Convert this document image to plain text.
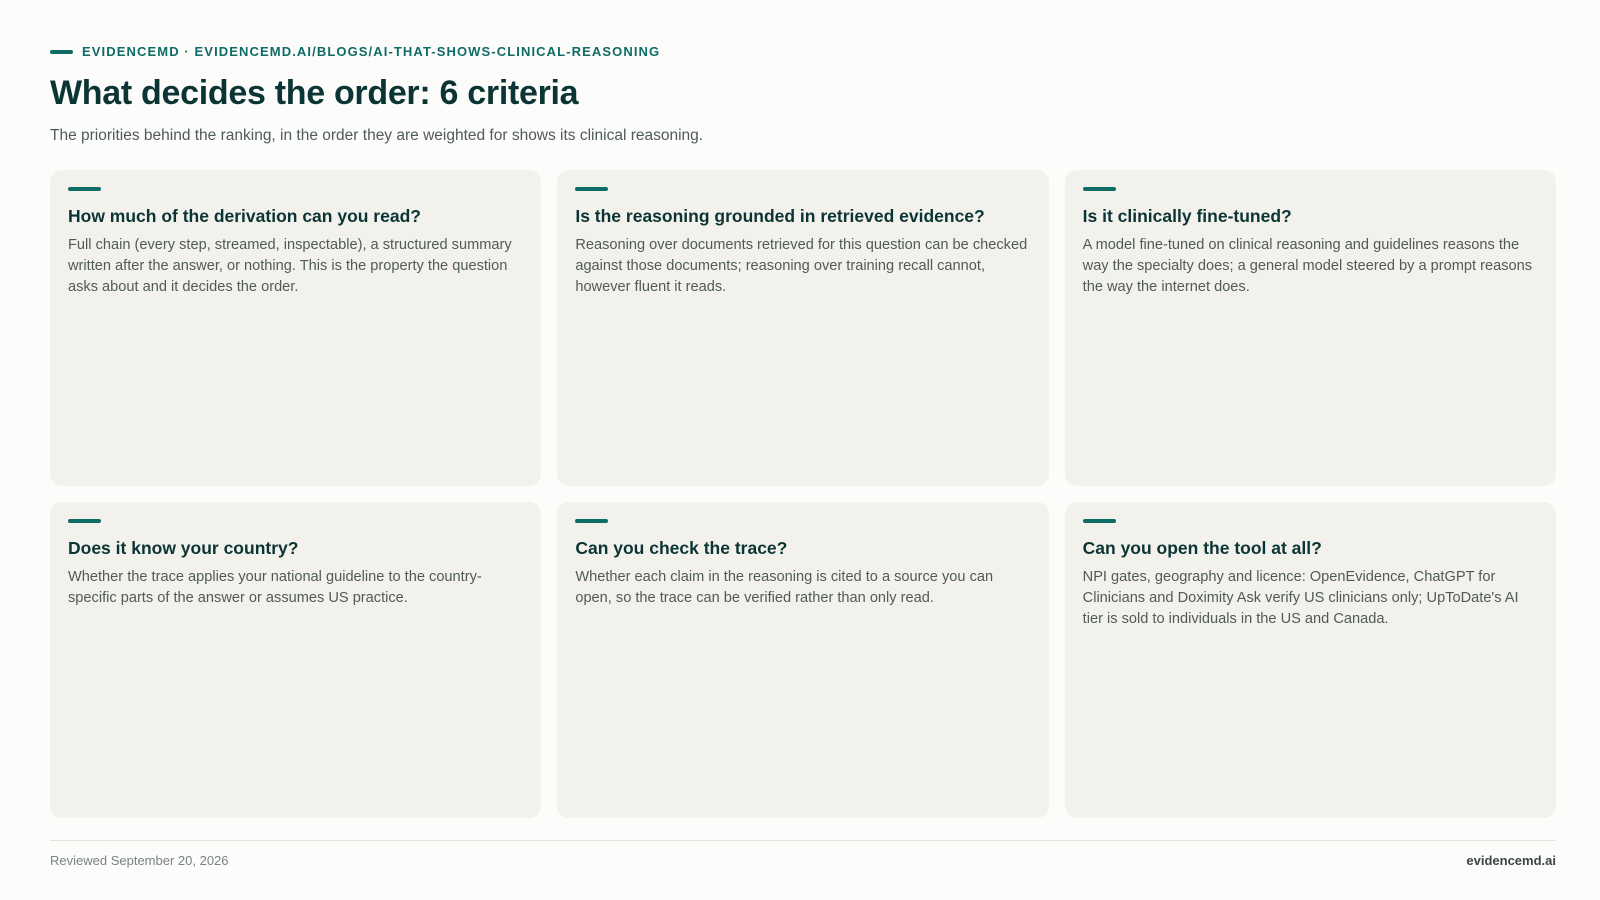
EVIDENCEMD · EVIDENCEMD.AI/BLOGS/AI-THAT-SHOWS-CLINICAL-REASONING
What decides the order: 6 criteria

The priorities behind the ranking, in the order they are weighted for shows its clinical reasoning.

How much of the derivation can you read?

Full chain (every step, streamed, inspectable), a structured summary written after the answer, or nothing. This is the property the question asks about and it decides the order.

Is the reasoning grounded in retrieved evidence?

Reasoning over documents retrieved for this question can be checked against those documents; reasoning over training recall cannot, however fluent it reads.

Is it clinically fine-tuned?

A model fine-tuned on clinical reasoning and guidelines reasons the way the specialty does; a general model steered by a prompt reasons the way the internet does.

Does it know your country?

Whether the trace applies your national guideline to the country-specific parts of the answer or assumes US practice.

Can you check the trace?

Whether each claim in the reasoning is cited to a source you can open, so the trace can be verified rather than only read.

Can you open the tool at all?

NPI gates, geography and licence: OpenEvidence, ChatGPT for Clinicians and Doximity Ask verify US clinicians only; UpToDate's AI tier is sold to individuals in the US and Canada.

Reviewed September 20, 2026	evidencemd.ai
